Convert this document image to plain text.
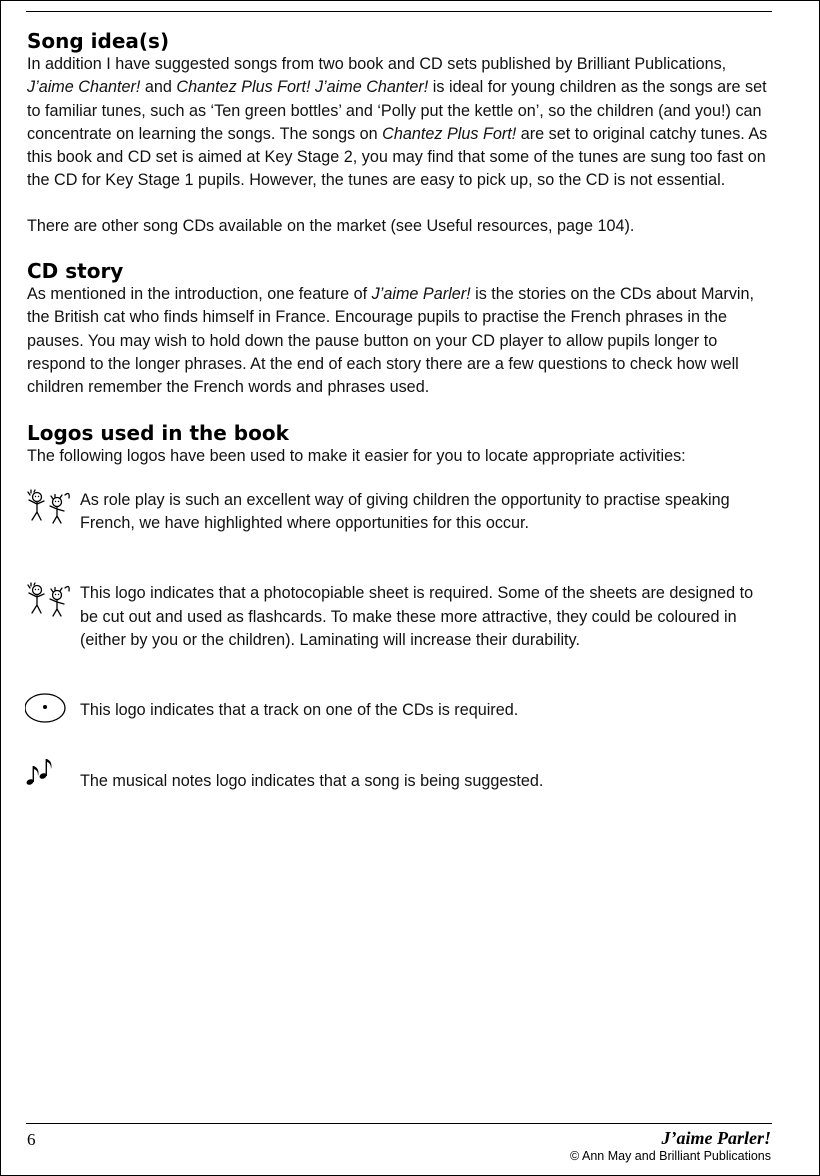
Song idea(s)

In addition I have suggested songs from two book and CD sets published by Brilliant Publications, J’aime Chanter! and Chantez Plus Fort! J’aime Chanter! is ideal for young children as the songs are set to familiar tunes, such as ‘Ten green bottles’ and ‘Polly put the kettle on’, so the children (and you!) can concentrate on learning the songs. The songs on Chantez Plus Fort! are set to original catchy tunes. As this book and CD set is aimed at Key Stage 2, you may find that some of the tunes are sung too fast on the CD for Key Stage 1 pupils. However, the tunes are easy to pick up, so the CD is not essential.

There are other song CDs available on the market (see Useful resources, page 104).

CD story

As mentioned in the introduction, one feature of J’aime Parler! is the stories on the CDs about Marvin, the British cat who finds himself in France. Encourage pupils to practise the French phrases in the pauses. You may wish to hold down the pause button on your CD player to allow pupils longer to respond to the longer phrases. At the end of each story there are a few questions to check how well children remember the French words and phrases used.

Logos used in the book

The following logos have been used to make it easier for you to locate appropriate activities:

As role play is such an excellent way of giving children the opportunity to practise speaking French, we have highlighted where opportunities for this occur.

This logo indicates that a photocopiable sheet is required. Some of the sheets are designed to be cut out and used as flashcards. To make these more attractive, they could be coloured in (either by you or the children). Laminating will increase their durability.

This logo indicates that a track on one of the CDs is required.

The musical notes logo indicates that a song is being suggested.

6	J’aime Parler!
© Ann May and Brilliant Publications
